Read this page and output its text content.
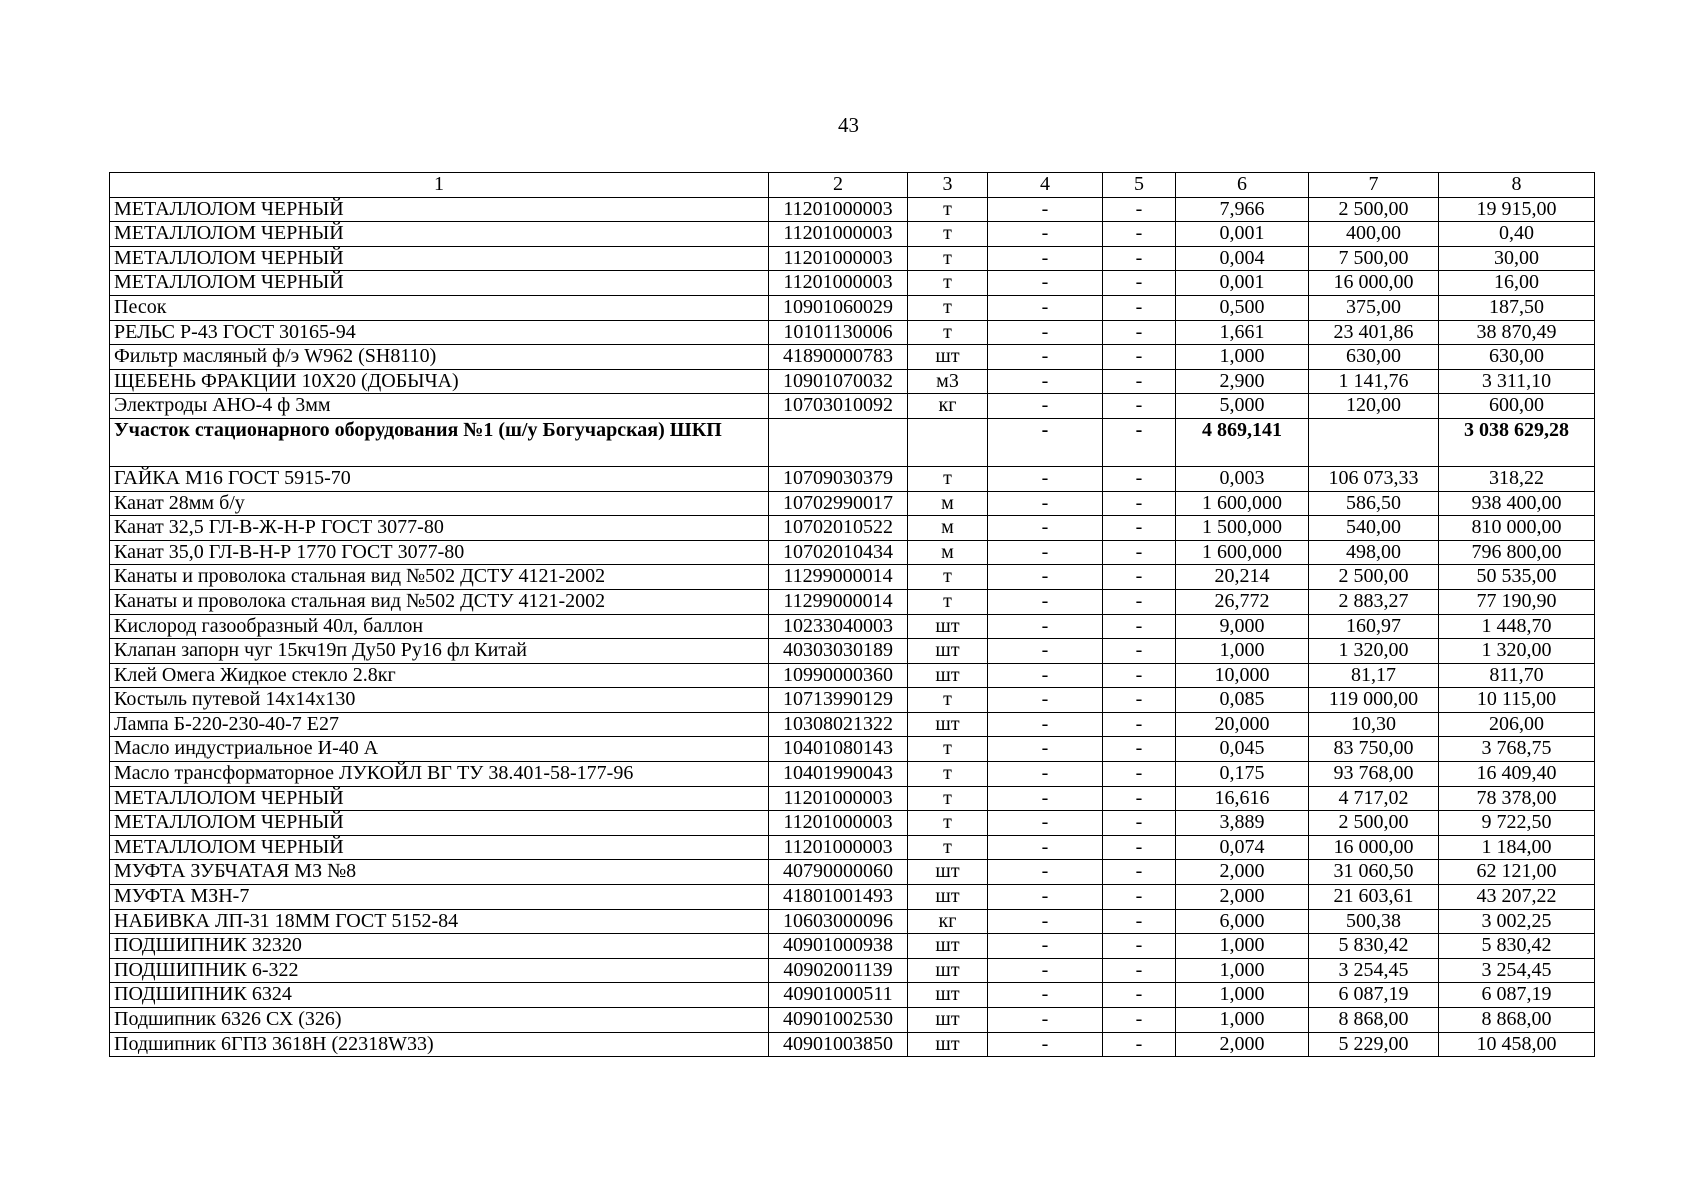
43
1	2	3	4	5	6	7	8
МЕТАЛЛОЛОМ ЧЕРНЫЙ	11201000003	т	-	-	7,966	2 500,00	19 915,00
МЕТАЛЛОЛОМ ЧЕРНЫЙ	11201000003	т	-	-	0,001	400,00	0,40
МЕТАЛЛОЛОМ ЧЕРНЫЙ	11201000003	т	-	-	0,004	7 500,00	30,00
МЕТАЛЛОЛОМ ЧЕРНЫЙ	11201000003	т	-	-	0,001	16 000,00	16,00
Песок	10901060029	т	-	-	0,500	375,00	187,50
РЕЛЬС Р-43 ГОСТ 30165-94	10101130006	т	-	-	1,661	23 401,86	38 870,49
Фильтр масляный ф/э W962 (SH8110)	41890000783	шт	-	-	1,000	630,00	630,00
ЩЕБЕНЬ ФРАКЦИИ 10Х20 (ДОБЫЧА)	10901070032	м3	-	-	2,900	1 141,76	3 311,10
Электроды АНО-4 ф 3мм	10703010092	кг	-	-	5,000	120,00	600,00
Участок стационарного оборудования №1 (ш/у Богучарская) ШКП			-	-	4 869,141		3 038 629,28
ГАЙКА М16 ГОСТ 5915-70	10709030379	т	-	-	0,003	106 073,33	318,22
Канат 28мм б/у	10702990017	м	-	-	1 600,000	586,50	938 400,00
Канат 32,5 ГЛ-В-Ж-Н-Р ГОСТ 3077-80	10702010522	м	-	-	1 500,000	540,00	810 000,00
Канат 35,0 ГЛ-В-Н-Р 1770 ГОСТ 3077-80	10702010434	м	-	-	1 600,000	498,00	796 800,00
Канаты и проволока стальная вид №502 ДСТУ 4121-2002	11299000014	т	-	-	20,214	2 500,00	50 535,00
Канаты и проволока стальная вид №502 ДСТУ 4121-2002	11299000014	т	-	-	26,772	2 883,27	77 190,90
Кислород газообразный 40л, баллон	10233040003	шт	-	-	9,000	160,97	1 448,70
Клапан запорн чуг 15кч19п Ду50 Ру16 фл Китай	40303030189	шт	-	-	1,000	1 320,00	1 320,00
Клей Омега Жидкое стекло 2.8кг	10990000360	шт	-	-	10,000	81,17	811,70
Костыль путевой 14х14х130	10713990129	т	-	-	0,085	119 000,00	10 115,00
Лампа Б-220-230-40-7 Е27	10308021322	шт	-	-	20,000	10,30	206,00
Масло индустриальное И-40 А	10401080143	т	-	-	0,045	83 750,00	3 768,75
Масло трансформаторное ЛУКОЙЛ ВГ ТУ 38.401-58-177-96	10401990043	т	-	-	0,175	93 768,00	16 409,40
МЕТАЛЛОЛОМ ЧЕРНЫЙ	11201000003	т	-	-	16,616	4 717,02	78 378,00
МЕТАЛЛОЛОМ ЧЕРНЫЙ	11201000003	т	-	-	3,889	2 500,00	9 722,50
МЕТАЛЛОЛОМ ЧЕРНЫЙ	11201000003	т	-	-	0,074	16 000,00	1 184,00
МУФТА ЗУБЧАТАЯ МЗ №8	40790000060	шт	-	-	2,000	31 060,50	62 121,00
МУФТА МЗН-7	41801001493	шт	-	-	2,000	21 603,61	43 207,22
НАБИВКА ЛП-31 18ММ ГОСТ 5152-84	10603000096	кг	-	-	6,000	500,38	3 002,25
ПОДШИПНИК 32320	40901000938	шт	-	-	1,000	5 830,42	5 830,42
ПОДШИПНИК 6-322	40902001139	шт	-	-	1,000	3 254,45	3 254,45
ПОДШИПНИК 6324	40901000511	шт	-	-	1,000	6 087,19	6 087,19
Подшипник 6326 СХ (326)	40901002530	шт	-	-	1,000	8 868,00	8 868,00
Подшипник 6ГПЗ 3618Н (22318W33)	40901003850	шт	-	-	2,000	5 229,00	10 458,00
